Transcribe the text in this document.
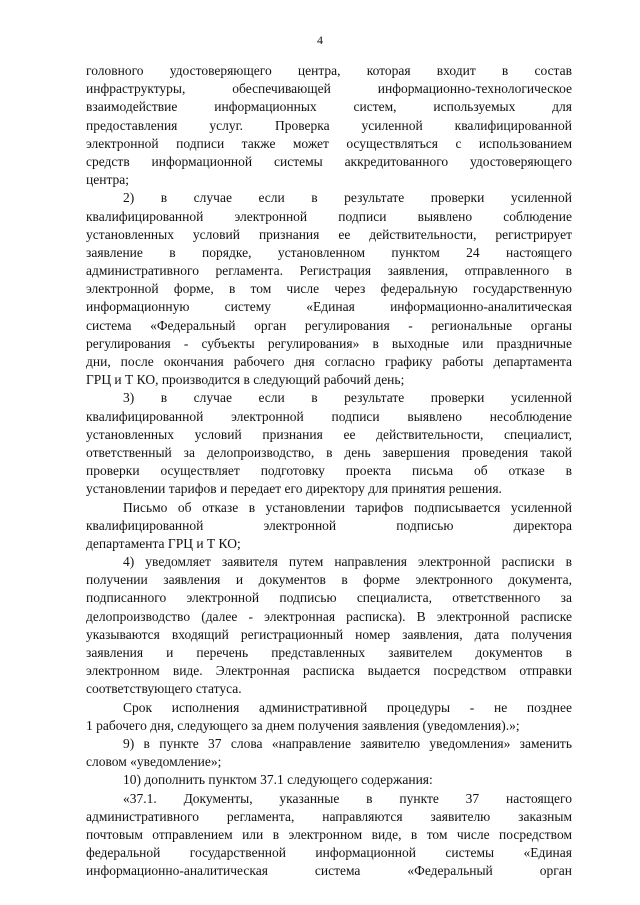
4
головного удостоверяющего центра, которая входит в состав
инфраструктуры, обеспечивающей информационно-технологическое
взаимодействие информационных систем, используемых для
предоставления услуг. Проверка усиленной квалифицированной
электронной подписи также может осуществляться с использованием
средств информационной системы аккредитованного удостоверяющего
центра;
2) в случае если в результате проверки усиленной
квалифицированной электронной подписи выявлено соблюдение
установленных условий признания ее действительности, регистрирует
заявление в порядке, установленном пунктом 24 настоящего
административного регламента. Регистрация заявления, отправленного в
электронной форме, в том числе через федеральную государственную
информационную систему «Единая информационно-аналитическая
система «Федеральный орган регулирования - региональные органы
регулирования - субъекты регулирования» в выходные или праздничные
дни, после окончания рабочего дня согласно графику работы департамента
ГРЦ и Т КО, производится в следующий рабочий день;
3) в случае если в результате проверки усиленной
квалифицированной электронной подписи выявлено несоблюдение
установленных условий признания ее действительности, специалист,
ответственный за делопроизводство, в день завершения проведения такой
проверки осуществляет подготовку проекта письма об отказе в
установлении тарифов и передает его директору для принятия решения.
Письмо об отказе в установлении тарифов подписывается усиленной
квалифицированной электронной подписью директора
департамента ГРЦ и Т КО;
4) уведомляет заявителя путем направления электронной расписки в
получении заявления и документов в форме электронного документа,
подписанного электронной подписью специалиста, ответственного за
делопроизводство (далее - электронная расписка). В электронной расписке
указываются входящий регистрационный номер заявления, дата получения
заявления и перечень представленных заявителем документов в
электронном виде. Электронная расписка выдается посредством отправки
соответствующего статуса.
Срок исполнения административной процедуры - не позднее
1 рабочего дня, следующего за днем получения заявления (уведомления).»;
9) в пункте 37 слова «направление заявителю уведомления» заменить
словом «уведомление»;
10) дополнить пунктом 37.1 следующего содержания:
«37.1. Документы, указанные в пункте 37 настоящего
административного регламента, направляются заявителю заказным
почтовым отправлением или в электронном виде, в том числе посредством
федеральной государственной информационной системы «Единая
информационно-аналитическая система «Федеральный орган
